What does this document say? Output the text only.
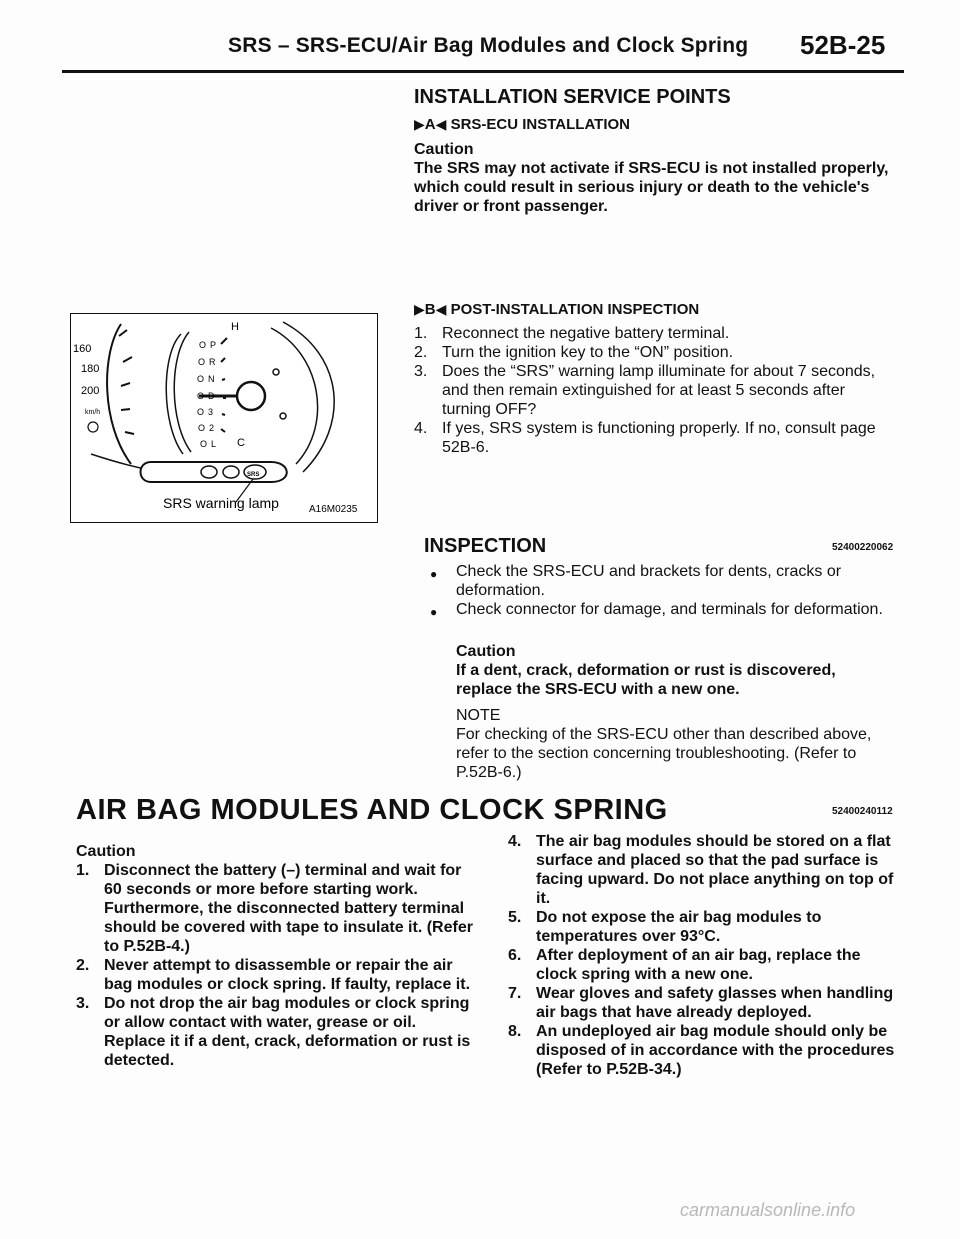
SRS – SRS-ECU/Air Bag Modules and Clock Spring 52B-25
INSTALLATION SERVICE POINTS
▶A◀ SRS-ECU INSTALLATION
Caution
The SRS may not activate if SRS-ECU is not installed properly, which could result in serious injury or death to the vehicle's driver or front passenger.
160
180
200
km/h
O P
O R
O N
O D
O 3
O 2
O L
H
C
SRS
SRS warning lamp	A16M0235
▶B◀ POST-INSTALLATION INSPECTION
1. Reconnect the negative battery terminal.
2. Turn the ignition key to the “ON” position.
3. Does the “SRS” warning lamp illuminate for about 7 seconds, and then remain extinguished for at least 5 seconds after turning OFF?
4. If yes, SRS system is functioning properly. If no, consult page 52B-6.
INSPECTION	52400220062
● Check the SRS-ECU and brackets for dents, cracks or deformation.
● Check connector for damage, and terminals for deformation.
Caution
If a dent, crack, deformation or rust is discovered, replace the SRS-ECU with a new one.
NOTE
For checking of the SRS-ECU other than described above, refer to the section concerning troubleshooting. (Refer to P.52B-6.)
AIR BAG MODULES AND CLOCK SPRING	52400240112
Caution
1. Disconnect the battery (–) terminal and wait for 60 seconds or more before starting work. Furthermore, the disconnected battery terminal should be covered with tape to insulate it. (Refer to P.52B-4.)
2. Never attempt to disassemble or repair the air bag modules or clock spring. If faulty, replace it.
3. Do not drop the air bag modules or clock spring or allow contact with water, grease or oil. Replace it if a dent, crack, deformation or rust is detected.
4. The air bag modules should be stored on a flat surface and placed so that the pad surface is facing upward. Do not place anything on top of it.
5. Do not expose the air bag modules to temperatures over 93°C.
6. After deployment of an air bag, replace the clock spring with a new one.
7. Wear gloves and safety glasses when handling air bags that have already deployed.
8. An undeployed air bag module should only be disposed of in accordance with the procedures (Refer to P.52B-34.)
carmanualsonline.info
